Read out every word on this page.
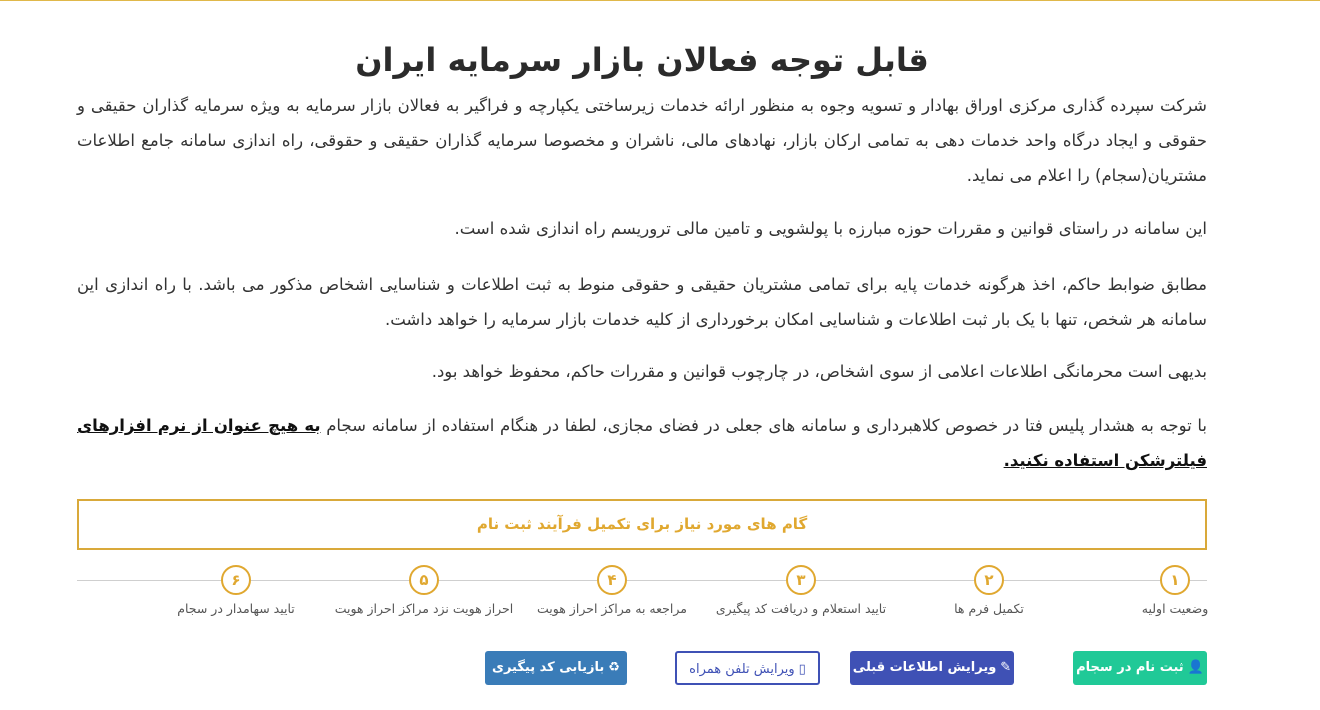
قابل توجه فعالان بازار سرمایه ایران

شرکت سپرده گذاری مرکزی اوراق بهادار و تسویه وجوه به منظور ارائه خدمات زیرساختی یکپارچه و فراگیر به فعالان بازار سرمایه به ویژه سرمایه گذاران حقیقی و حقوقی و ایجاد درگاه واحد خدمات دهی به تمامی ارکان بازار، نهادهای مالی، ناشران و مخصوصا سرمایه گذاران حقیقی و حقوقی، راه اندازی سامانه جامع اطلاعات مشتریان(سجام) را اعلام می نماید.

این سامانه در راستای قوانین و مقررات حوزه مبارزه با پولشویی و تامین مالی تروریسم راه اندازی شده است.

مطابق ضوابط حاکم، اخذ هرگونه خدمات پایه برای تمامی مشتریان حقیقی و حقوقی منوط به ثبت اطلاعات و شناسایی اشخاص مذکور می باشد. با راه اندازی این سامانه هر شخص، تنها با یک بار ثبت اطلاعات و شناسایی امکان برخورداری از کلیه خدمات بازار سرمایه را خواهد داشت.

بدیهی است محرمانگی اطلاعات اعلامی از سوی اشخاص، در چارچوب قوانین و مقررات حاکم، محفوظ خواهد بود.

با توجه به هشدار پلیس فتا در خصوص کلاهبرداری و سامانه های جعلی در فضای مجازی، لطفا در هنگام استفاده از سامانه سجام به هیچ عنوان از نرم افزارهای فیلترشکن استفاده نکنید.

گام های مورد نیاز برای تکمیل فرآیند ثبت نام
۱
وضعیت اولیه
۲
تکمیل فرم ها
۳
تایید استعلام و دریافت کد پیگیری
۴
مراجعه به مراکز احراز هویت
۵
احراز هویت نزد مراکز احراز هویت
۶
تایید سهامدار در سجام
👤ثبت نام در سجام
✎ویرایش اطلاعات قبلی
▯ویرایش تلفن همراه
♻بازیابی کد پیگیری
